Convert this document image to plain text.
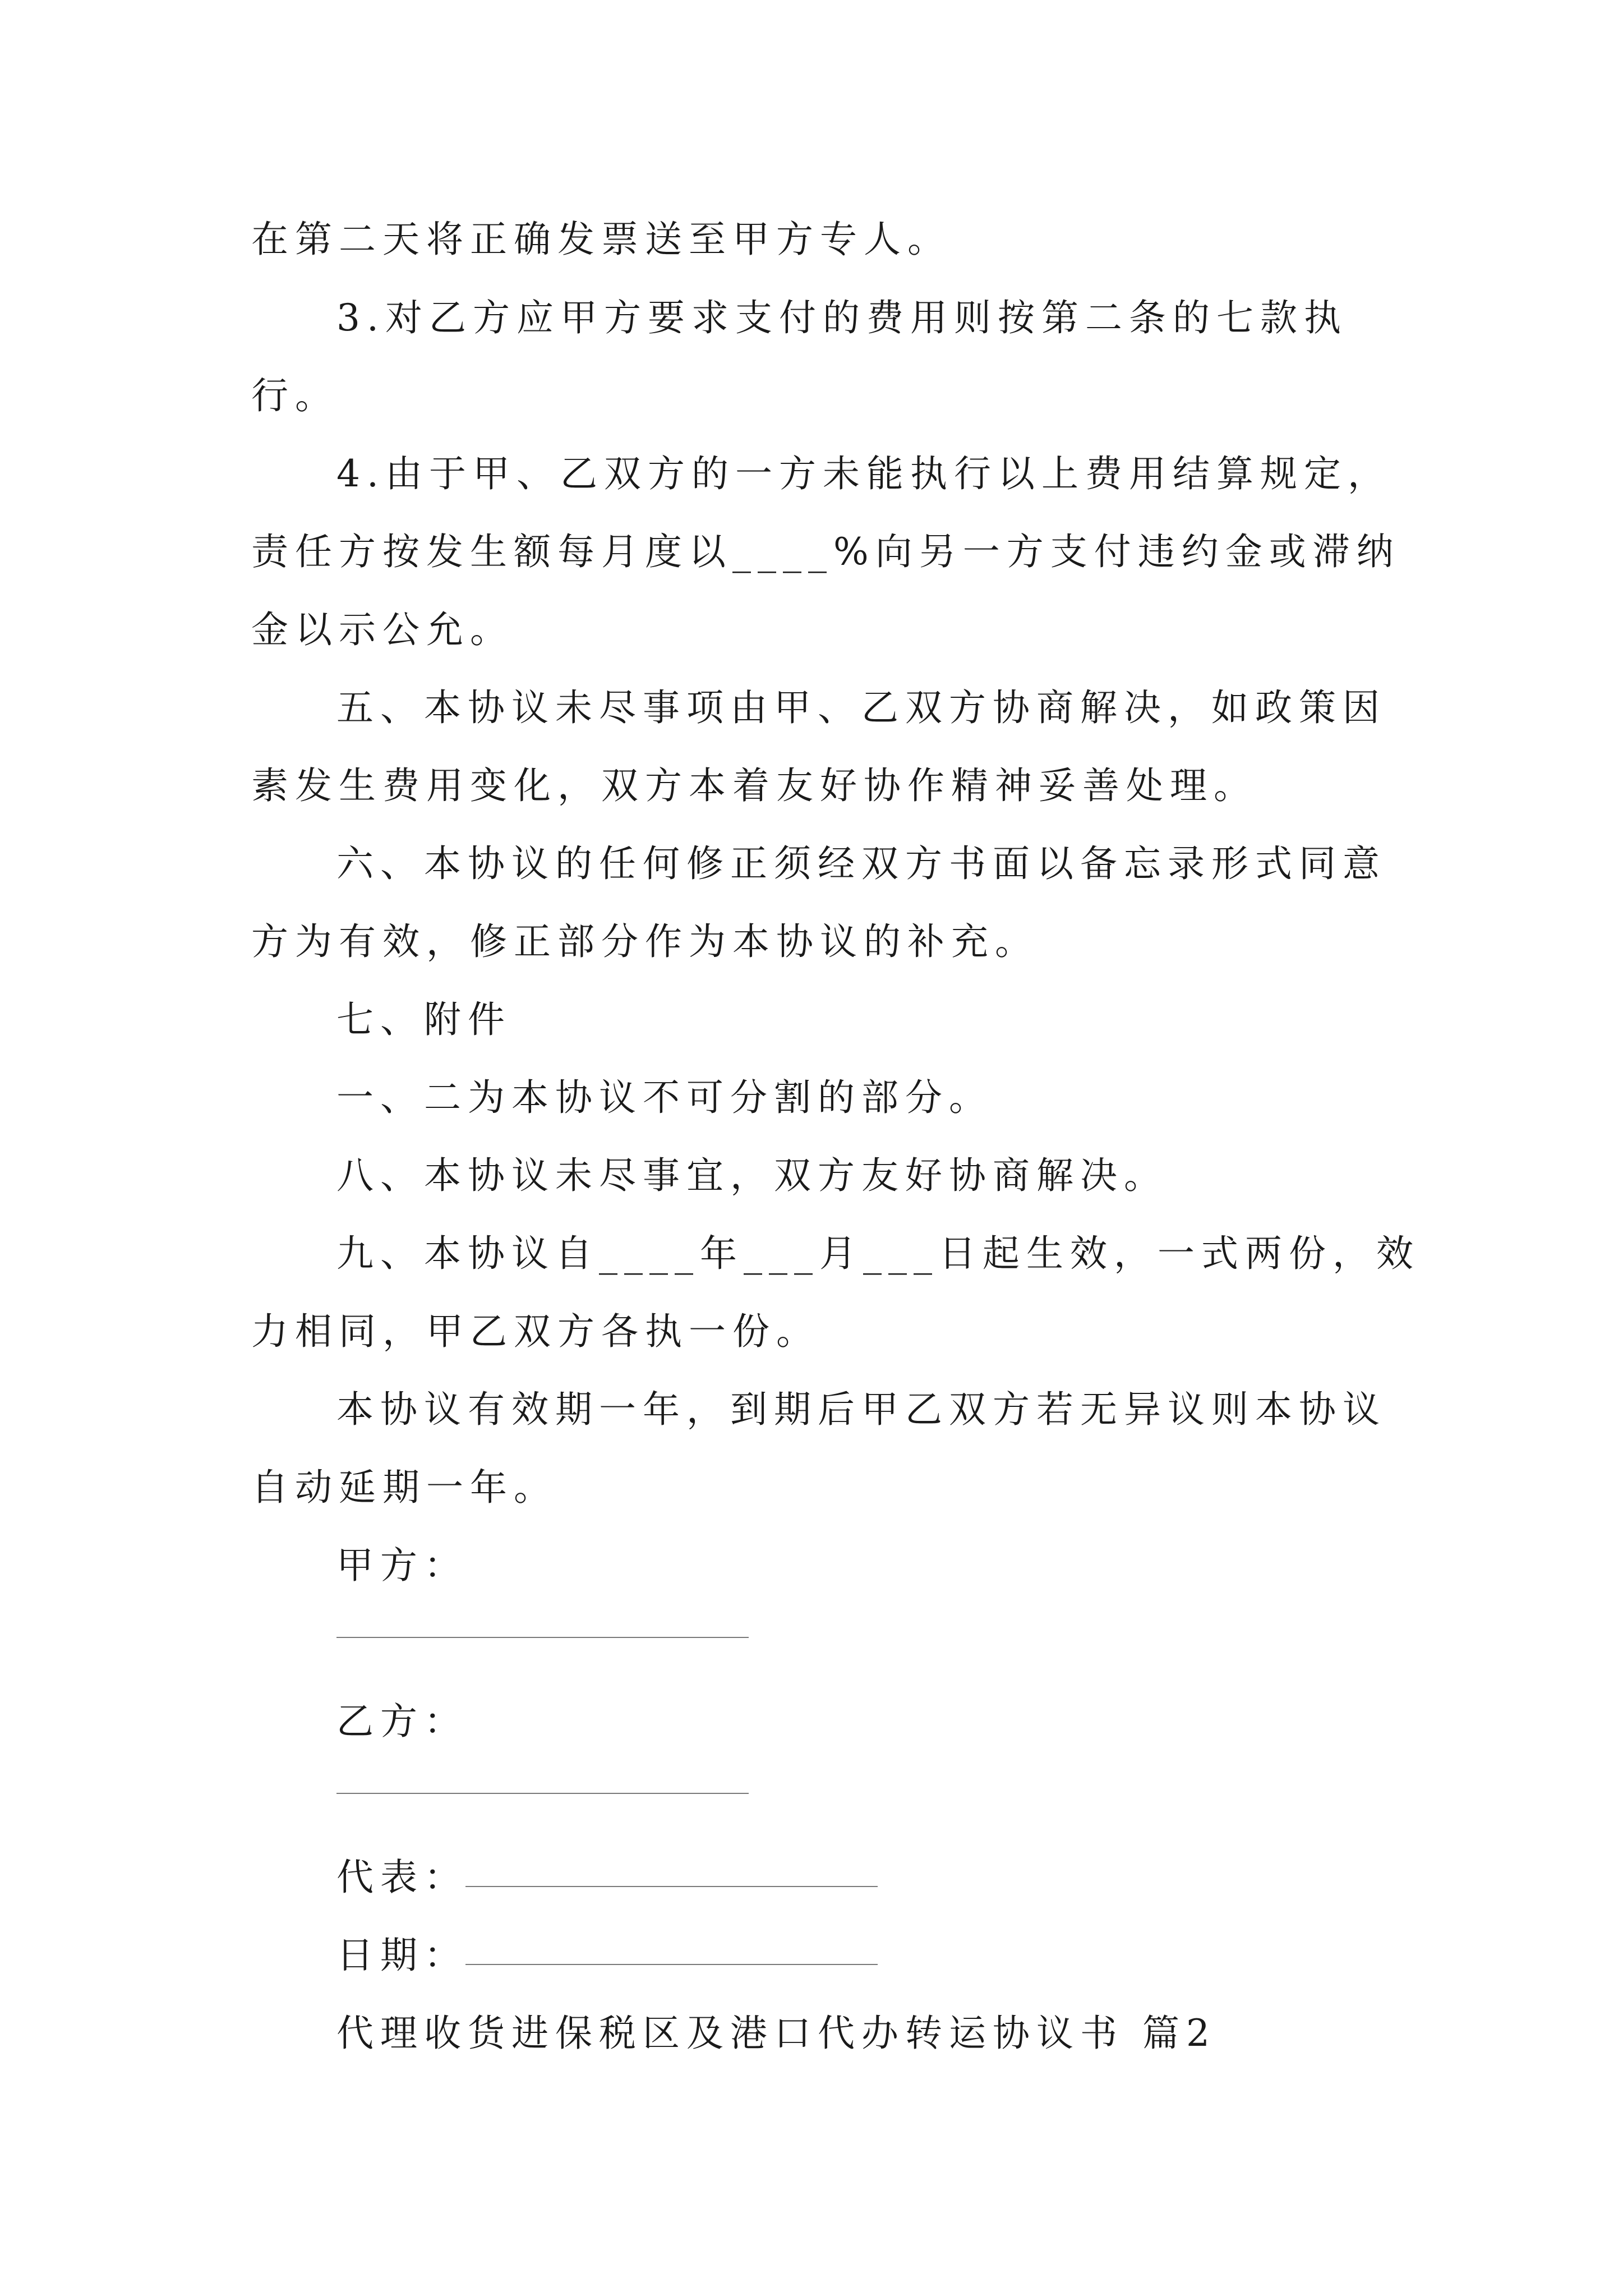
在第二天将正确发票送至甲方专人。
3.对乙方应甲方要求支付的费用则按第二条的七款执
行。
4.由于甲、乙双方的一方未能执行以上费用结算规定，
责任方按发生额每月度以____%向另一方支付违约金或滞纳
金以示公允。
五、本协议未尽事项由甲、乙双方协商解决，如政策因
素发生费用变化，双方本着友好协作精神妥善处理。
六、本协议的任何修正须经双方书面以备忘录形式同意
方为有效，修正部分作为本协议的补充。
七、附件
一、二为本协议不可分割的部分。
八、本协议未尽事宜，双方友好协商解决。
九、本协议自____年___月___日起生效，一式两份，效
力相同，甲乙双方各执一份。
本协议有效期一年，到期后甲乙双方若无异议则本协议
自动延期一年。
甲方：
乙方：
代表：
日期：
代理收货进保税区及港口代办转运协议书 篇2
